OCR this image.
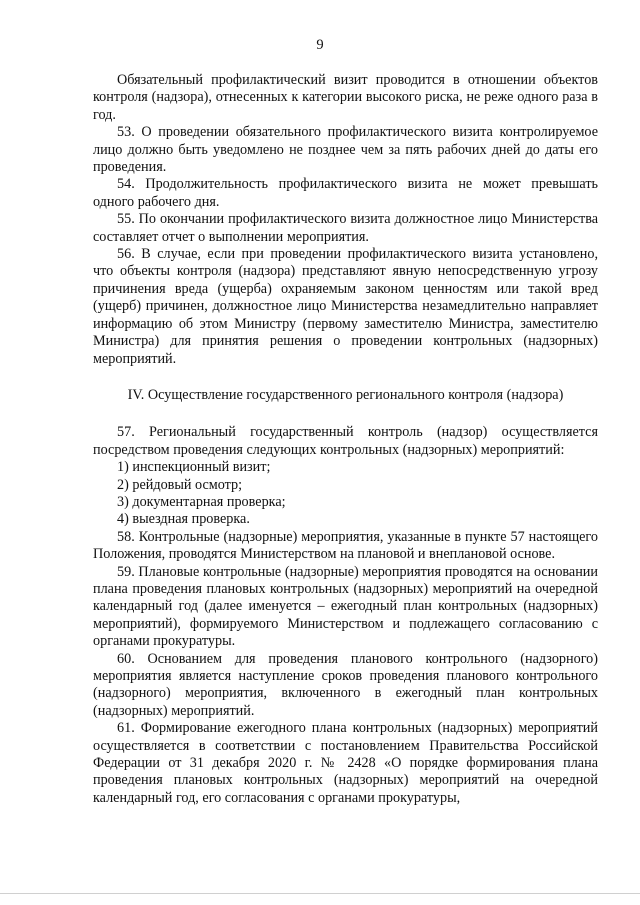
9

Обязательный профилактический визит проводится в отношении объектов контроля (надзора), отнесенных к категории высокого риска, не реже одного раза в год.

53. О проведении обязательного профилактического визита контролируемое лицо должно быть уведомлено не позднее чем за пять рабочих дней до даты его проведения.

54. Продолжительность профилактического визита не может превышать одного рабочего дня.

55. По окончании профилактического визита должностное лицо Министерства составляет отчет о выполнении мероприятия.

56. В случае, если при проведении профилактического визита установлено, что объекты контроля (надзора) представляют явную непосредственную угрозу причинения вреда (ущерба) охраняемым законом ценностям или такой вред (ущерб) причинен, должностное лицо Министерства незамедлительно направляет информацию об этом Министру (первому заместителю Министра, заместителю Министра) для принятия решения о проведении контрольных (надзорных) мероприятий.

IV. Осуществление государственного регионального контроля (надзора)

57. Региональный государственный контроль (надзор) осуществляется посредством проведения следующих контрольных (надзорных) мероприятий:

1) инспекционный визит;

2) рейдовый осмотр;

3) документарная проверка;

4) выездная проверка.

58. Контрольные (надзорные) мероприятия, указанные в пункте 57 настоящего Положения, проводятся Министерством на плановой и внеплановой основе.

59. Плановые контрольные (надзорные) мероприятия проводятся на основании плана проведения плановых контрольных (надзорных) мероприятий на очередной календарный год (далее именуется – ежегодный план контрольных (надзорных) мероприятий), формируемого Министерством и подлежащего согласованию с органами прокуратуры.

60. Основанием для проведения планового контрольного (надзорного) мероприятия является наступление сроков проведения планового контрольного (надзорного) мероприятия, включенного в ежегодный план контрольных (надзорных) мероприятий.

61. Формирование ежегодного плана контрольных (надзорных) мероприятий осуществляется в соответствии с постановлением Правительства Российской Федерации от 31 декабря 2020 г. № 2428 «О порядке формирования плана проведения плановых контрольных (надзорных) мероприятий на очередной календарный год, его согласования с органами прокуратуры,
